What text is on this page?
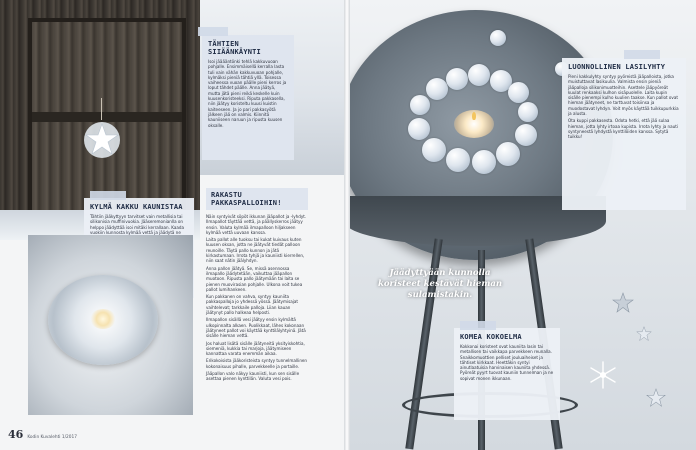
TÄHTIEN SIIÄÄNKÄYNTI

Isoi jääääntönki tehlä kakkuvuoan pohjalle. Ensimmäisellä kerralla lasta tuli vain vähän kakkuvuoan pohjalle, kylmäksi pieniä tähtiä yllä. Toisessa vaiheessa vuoan päälle pieni kerros ja loput tähdet päälle. Anna jäätyä, mutta jätä pieni reikä keskelle kuin kuusenkoristeeksi. Riputa pakkasella, niin jäätyy koristeltu kuusi kuistin kaiteeseen. Ja jo pari pakkasyötä jälkeen jää on valmis. Kiinnitä kauniiseen naruun ja ripusta kuusen oksalle.

KYLMÄ KAKKU KAUNISTAA

Tähtiin jääkyttyyn tarvitset vain metallisia tai silikonisia muffinivuokia. Jääseremonianlla on helppo jäädyttää isoi mitäki kerrallaan. Kaada vuokiin kunnosta kylmää vettä ja jäädytä ne

RAKASTU PAKKASPALLOIHIN!

Näin syntyivät söpöt ikkunan jääpallot ja -lyhdyt. Ilmapallot täyttää vettä, ja päällyskerros jäätyy ensin. Valuta kylmää ilmapalloon hiljakseen kylmää vettä uuvaan kanssa.

Laita pallot alle tuoksu tai kukat kuivaus kuten kuusen oksan, jotta ne jäätyvät tiedät palloon reunoille. Täytä pallo kunnon ja jätä kirkastumaan. Irrota tyhjä ja kauniisti kierrellen, niin saat nätin jäälyhdyn.

Anna pallon jäätyä. Se, missä asennossa ilmapallo jäädytetään, vaikuttaa jääpallon muotoon. Ripusta pallo jäätymään tai laita se pienen muovirasian pohjalle. Ulkona voit tukea pallot lumihankeen.

Kun pakkanen on vahva, syntyy kauniita pakkaspalloja jo yhdessä yössä. Jäätymisajat vaihtelevat; tarkkaile palloja. Liian kauan jäätynyt pallo halkeaa helposti.

Ilmapallon sisällä vesi jäätyy ensin kylmältä ulkopinnalta alkaen. Puolikkaat, lähes kokonaan jäätyneet pallot voi käyttää kynttilälyhtyinä. Jätä sisälle hieman vettä.

Jos haluat lisätä sisälle jäätyneitä yksityiskohtia, siemeniä, kukkia tai marjoja, jäätymiseen kannattaa varata enemmän aikaa.

Erikokoisista jääkoristeista syntyy tunnelmallinen kokonaisuus pihalle, parvekkeelle ja portaille.

Jääpallon valo näkyy kauniisti, kun sen sisälle asettaa pienen kynttilän. Valuta vesi pois.

46 Kodin Kuvalehti 1/2017
Jäädyttyään kunnolla koristeet kestävät hieman sulamistakin.
LUONNOLLINEN LASILYHTY

Pieni kakkulyhty syntyy pyöreistä jääpalloista, jotka muistuttavat lasikuulia. Valmista ensin pieniä jääpalloja silikonimuotteihin. Asettele jääpyöreät kuulat renkaaksi kulhon sisäpuolelle. Laita kupin sisälle pienempi kulho kuulien taakse. Kun pallot ovat hieman jäätyneet, ne tarttuvat toisiinsa ja muodostavat lyhdyn. Voit myös käyttää tuikkupurkkia ja alusta.

Ota kuppi pakkasesta. Odota hetki, että jää sulaa hieman, jotta lyhty irtoaa kupista. Irrota lyhty ja nauti syntyneestä lyhdystä kynttilöiden kanssa. Sytytä tuikku!

KOMEA KOKOELMA

Kokkonai koristeet ovat kauniita lasin tai metallisen tai vaikkapa parvekkeen reunalla. Snaikkomuottien pelliset jouluaiheiset ja tähtiset kirkkaat. Heettäkin syntyi ainutlaatuisia harvinaisen kauniita yhdessä. Pyöreät pyyrt tuovat kauniin tunnelman ja ne sopivat monen ikkunaan.
